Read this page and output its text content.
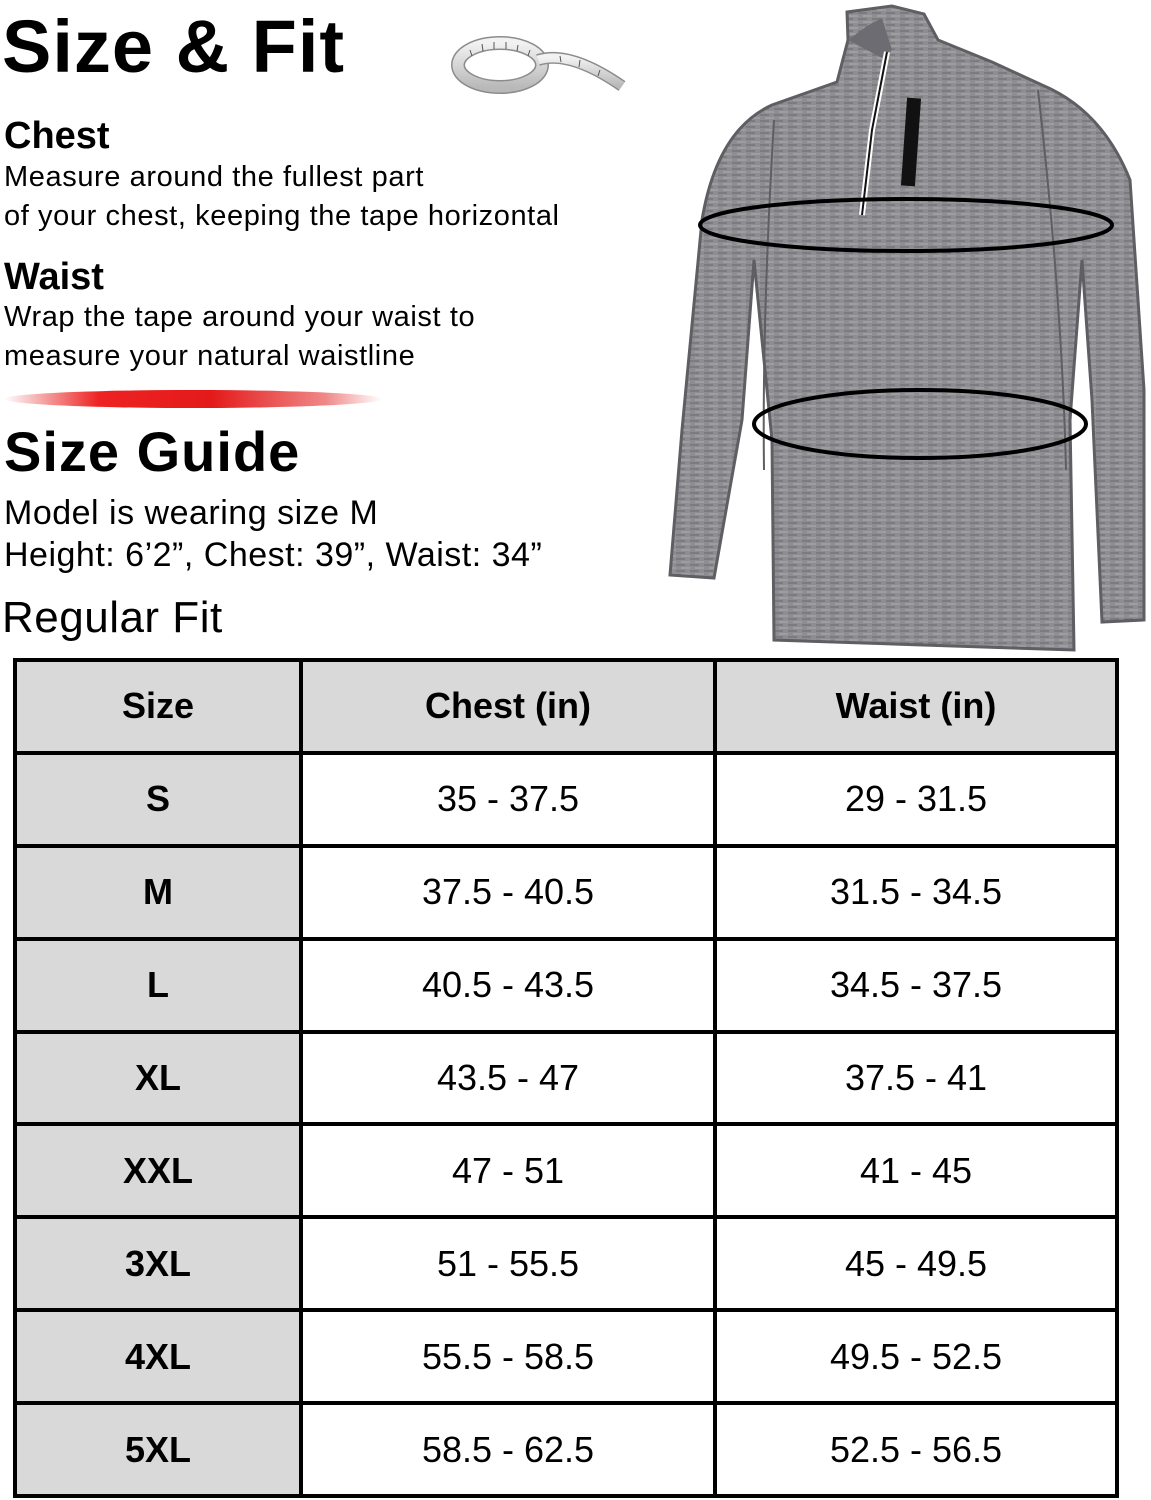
Size & Fit
Chest
Measure around the fullest part
of your chest, keeping the tape horizontal
Waist
Wrap the tape around your waist to
measure your natural waistline
Size Guide
Model is wearing size M
Height: 6’2”, Chest: 39”, Waist: 34”
Regular Fit
Size	Chest (in)	Waist (in)
S	35 - 37.5	29 - 31.5
M	37.5 - 40.5	31.5 - 34.5
L	40.5 - 43.5	34.5 - 37.5
XL	43.5 - 47	37.5 - 41
XXL	47 - 51	41 - 45
3XL	51 - 55.5	45 - 49.5
4XL	55.5 - 58.5	49.5 - 52.5
5XL	58.5 - 62.5	52.5 - 56.5
